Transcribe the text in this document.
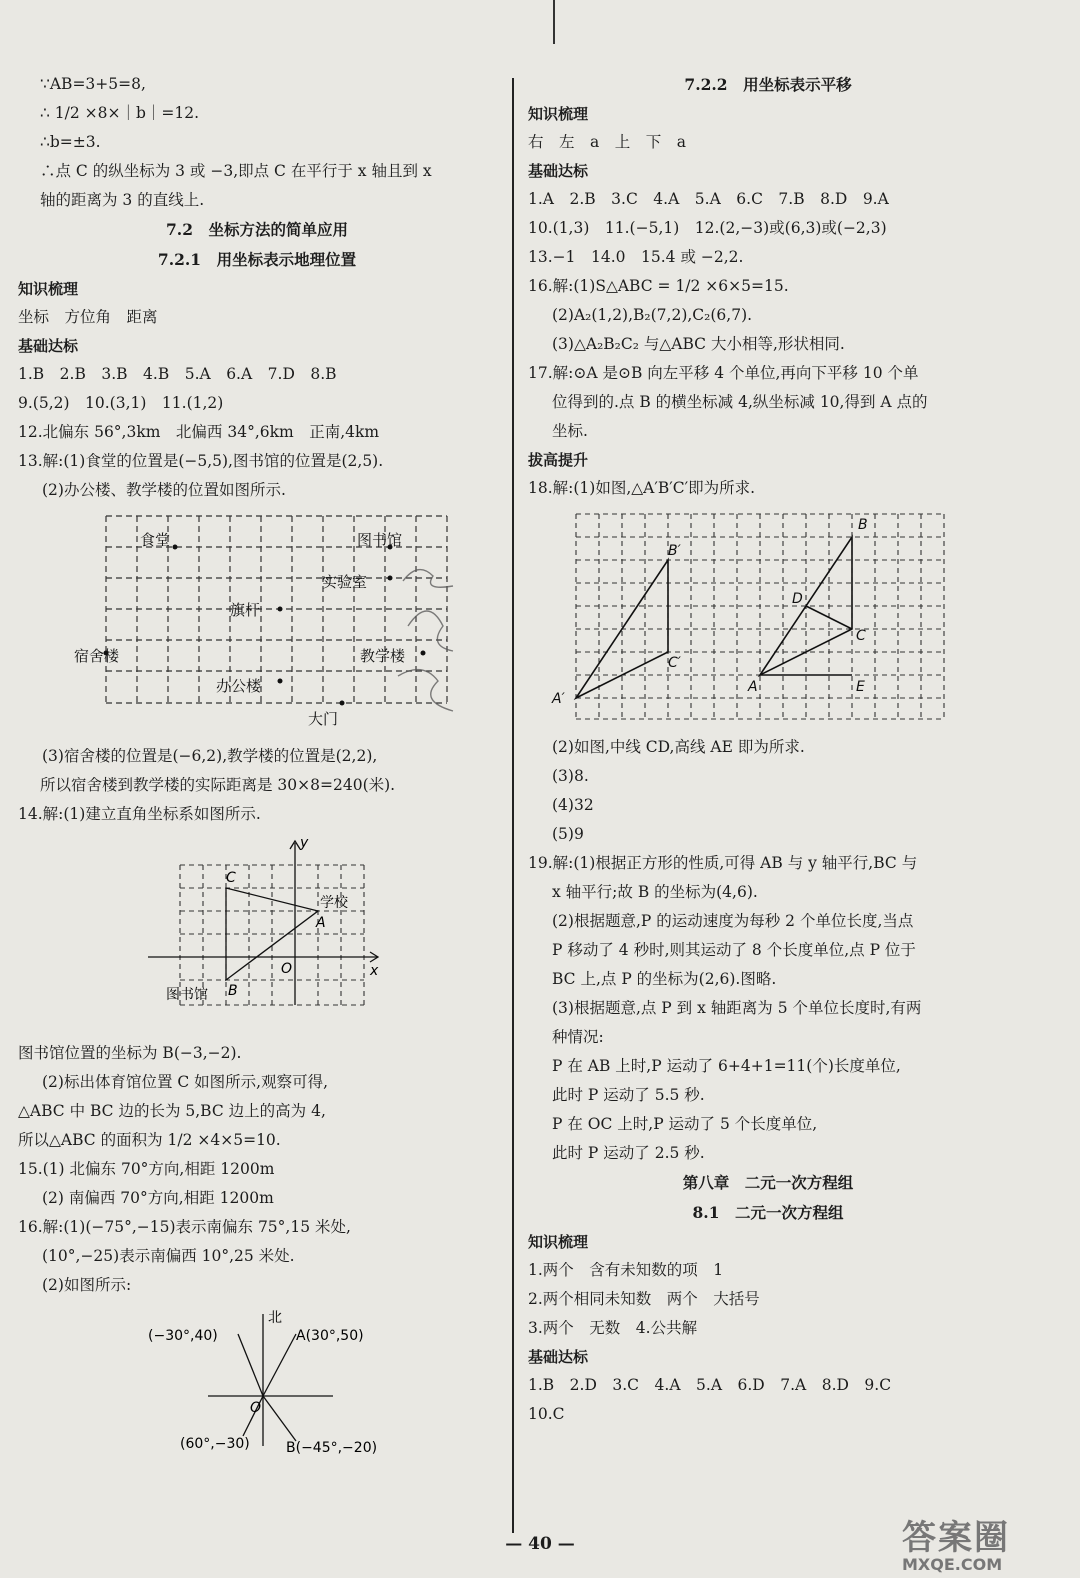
∵AB=3+5=8,
∴ 1/2 ×8×｜b｜=12.
∴b=±3.
∴点 C 的纵坐标为 3 或 −3,即点 C 在平行于 x 轴且到 x
轴的距离为 3 的直线上.
7.2　坐标方法的简单应用
7.2.1　用坐标表示地理位置
知识梳理
坐标　方位角　距离
基础达标
1.B　2.B　3.B　4.B　5.A　6.A　7.D　8.B
9.(5,2)　10.(3,1)　11.(1,2)
12.北偏东 56°,3km　北偏西 34°,6km　正南,4km
13.解:(1)食堂的位置是(−5,5),图书馆的位置是(2,5).
(2)办公楼、教学楼的位置如图所示.
食堂	图书馆
实验室
旗杆
宿舍楼	教学楼
办公楼
大门
(3)宿舍楼的位置是(−6,2),教学楼的位置是(2,2),
所以宿舍楼到教学楼的实际距离是 30×8=240(米).
14.解:(1)建立直角坐标系如图所示.
y
x
O
C
A
学校
B
图书馆
图书馆位置的坐标为 B(−3,−2).
(2)标出体育馆位置 C 如图所示,观察可得,
△ABC 中 BC 边的长为 5,BC 边上的高为 4,
所以△ABC 的面积为 1/2 ×4×5=10.
15.(1) 北偏东 70°方向,相距 1200m
(2) 南偏西 70°方向,相距 1200m
16.解:(1)(−75°,−15)表示南偏东 75°,15 米处,
(10°,−25)表示南偏西 10°,25 米处.
(2)如图所示:
北
(−30°,40)	A(30°,50)
(60°,−30)	B(−45°,−20)
O
7.2.2　用坐标表示平移
知识梳理
右　左　a　上　下　a
基础达标
1.A　2.B　3.C　4.A　5.A　6.C　7.B　8.D　9.A
10.(1,3)　11.(−5,1)　12.(2,−3)或(6,3)或(−2,3)
13.−1　14.0　15.4 或 −2,2.
16.解:(1)S△ABC = 1/2 ×6×5=15.
(2)A₂(1,2),B₂(7,2),C₂(6,7).
(3)△A₂B₂C₂ 与△ABC 大小相等,形状相同.
17.解:⊙A 是⊙B 向左平移 4 个单位,再向下平移 10 个单
位得到的.点 B 的横坐标减 4,纵坐标减 10,得到 A 点的
坐标.
拔高提升
18.解:(1)如图,△A′B′C′即为所求.
B
B′
D
C
C′
A
A′
E
(2)如图,中线 CD,高线 AE 即为所求.
(3)8.
(4)32
(5)9
19.解:(1)根据正方形的性质,可得 AB 与 y 轴平行,BC 与
x 轴平行;故 B 的坐标为(4,6).
(2)根据题意,P 的运动速度为每秒 2 个单位长度,当点
P 移动了 4 秒时,则其运动了 8 个长度单位,点 P 位于
BC 上,点 P 的坐标为(2,6).图略.
(3)根据题意,点 P 到 x 轴距离为 5 个单位长度时,有两
种情况:
P 在 AB 上时,P 运动了 6+4+1=11(个)长度单位,
此时 P 运动了 5.5 秒.
P 在 OC 上时,P 运动了 5 个长度单位,
此时 P 运动了 2.5 秒.
第八章　二元一次方程组
8.1　二元一次方程组
知识梳理
1.两个　含有未知数的项　1
2.两个相同未知数　两个　大括号
3.两个　无数　4.公共解
基础达标
1.B　2.D　3.C　4.A　5.A　6.D　7.A　8.D　9.C
10.C
— 40 —	答案圈
MXQE.COM
